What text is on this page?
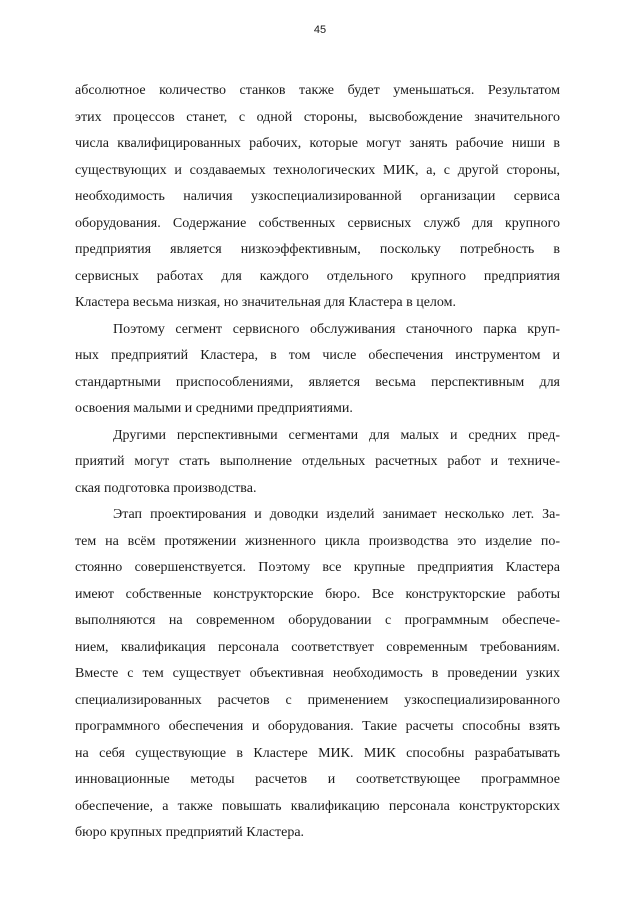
45
абсолютное количество станков также будет уменьшаться. Результатом
этих процессов станет, с одной стороны, высвобождение значительного
числа квалифицированных рабочих, которые могут занять рабочие ниши в
существующих и создаваемых технологических МИК, а, с другой стороны,
необходимость наличия узкоспециализированной организации сервиса
оборудования. Содержание собственных сервисных служб для крупного
предприятия является низкоэффективным, поскольку потребность в
сервисных работах для каждого отдельного крупного предприятия
Кластера весьма низкая, но значительная для Кластера в целом.
Поэтому сегмент сервисного обслуживания станочного парка круп-
ных предприятий Кластера, в том числе обеспечения инструментом и
стандартными приспособлениями, является весьма перспективным для
освоения малыми и средними предприятиями.
Другими перспективными сегментами для малых и средних пред-
приятий могут стать выполнение отдельных расчетных работ и техниче-
ская подготовка производства.
Этап проектирования и доводки изделий занимает несколько лет. За-
тем на всём протяжении жизненного цикла производства это изделие по-
стоянно совершенствуется. Поэтому все крупные предприятия Кластера
имеют собственные конструкторские бюро. Все конструкторские работы
выполняются на современном оборудовании с программным обеспече-
нием, квалификация персонала соответствует современным требованиям.
Вместе с тем существует объективная необходимость в проведении узких
специализированных расчетов с применением узкоспециализированного
программного обеспечения и оборудования. Такие расчеты способны взять
на себя существующие в Кластере МИК. МИК способны разрабатывать
инновационные методы расчетов и соответствующее программное
обеспечение, а также повышать квалификацию персонала конструкторских
бюро крупных предприятий Кластера.
